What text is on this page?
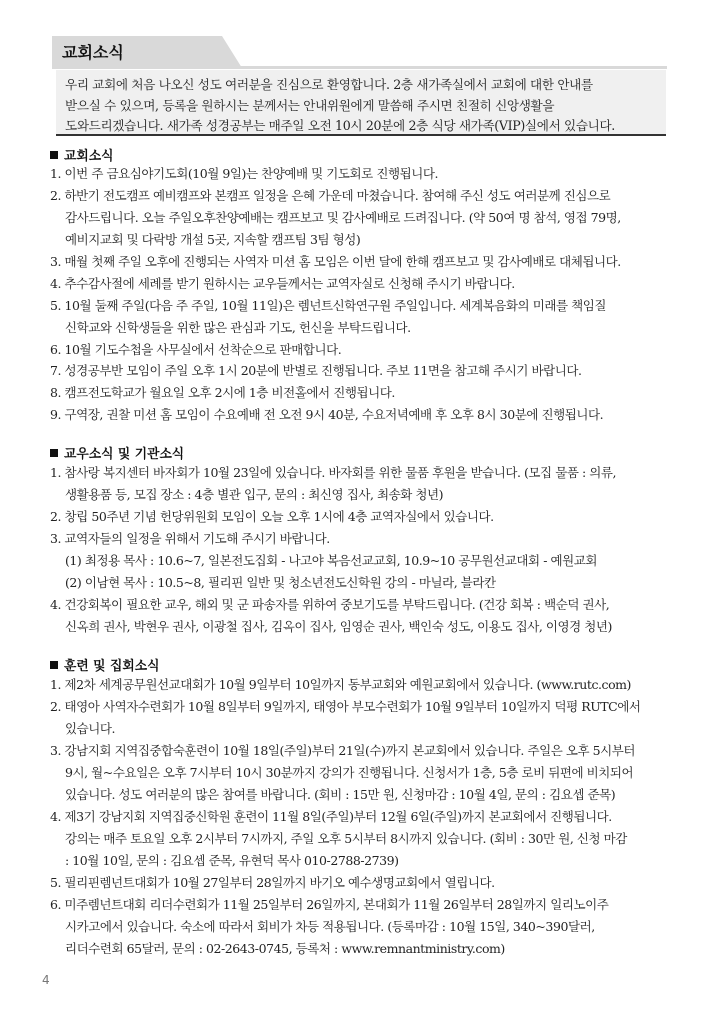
교회소식
우리 교회에 처음 나오신 성도 여러분을 진심으로 환영합니다. 2층 새가족실에서 교회에 대한 안내를
받으실 수 있으며, 등록을 원하시는 분께서는 안내위원에게 말씀해 주시면 친절히 신앙생활을
도와드리겠습니다. 새가족 성경공부는 매주일 오전 10시 20분에 2층 식당 새가족(VIP)실에서 있습니다.
교회소식
1. 이번 주 금요심야기도회(10월 9일)는 찬양예배 및 기도회로 진행됩니다.
2. 하반기 전도캠프 예비캠프와 본캠프 일정을 은혜 가운데 마쳤습니다. 참여해 주신 성도 여러분께 진심으로
감사드립니다. 오늘 주일오후찬양예배는 캠프보고 및 감사예배로 드려집니다. (약 50여 명 참석, 영접 79명,
예비지교회 및 다락방 개설 5곳, 지속할 캠프팀 3팀 형성)
3. 매월 첫째 주일 오후에 진행되는 사역자 미션 홈 모임은 이번 달에 한해 캠프보고 및 감사예배로 대체됩니다.
4. 추수감사절에 세례를 받기 원하시는 교우들께서는 교역자실로 신청해 주시기 바랍니다.
5. 10월 둘째 주일(다음 주 주일, 10월 11일)은 렘넌트신학연구원 주일입니다. 세계복음화의 미래를 책임질
신학교와 신학생들을 위한 많은 관심과 기도, 헌신을 부탁드립니다.
6. 10월 기도수첩을 사무실에서 선착순으로 판매합니다.
7. 성경공부반 모임이 주일 오후 1시 20분에 반별로 진행됩니다. 주보 11면을 참고해 주시기 바랍니다.
8. 캠프전도학교가 월요일 오후 2시에 1층 비전홀에서 진행됩니다.
9. 구역장, 권찰 미션 홈 모임이 수요예배 전 오전 9시 40분, 수요저녁예배 후 오후 8시 30분에 진행됩니다.
교우소식 및 기관소식
1. 참사랑 복지센터 바자회가 10월 23일에 있습니다. 바자회를 위한 물품 후원을 받습니다. (모집 물품 : 의류,
생활용품 등, 모집 장소 : 4층 별관 입구, 문의 : 최신영 집사, 최송화 청년)
2. 창립 50주년 기념 헌당위원회 모임이 오늘 오후 1시에 4층 교역자실에서 있습니다.
3. 교역자들의 일정을 위해서 기도해 주시기 바랍니다.
(1) 최정용 목사 : 10.6~7, 일본전도집회 - 나고야 복음선교교회, 10.9~10 공무원선교대회 - 예원교회
(2) 이남현 목사 : 10.5~8, 필리핀 일반 및 청소년전도신학원 강의 - 마닐라, 블라칸
4. 건강회복이 필요한 교우, 해외 및 군 파송자를 위하여 중보기도를 부탁드립니다. (건강 회복 : 백순덕 권사,
신옥희 권사, 박현우 권사, 이광철 집사, 김옥이 집사, 임영순 권사, 백인숙 성도, 이용도 집사, 이영경 청년)
훈련 및 집회소식
1. 제2차 세계공무원선교대회가 10월 9일부터 10일까지 동부교회와 예원교회에서 있습니다. (www.rutc.com)
2. 태영아 사역자수련회가 10월 8일부터 9일까지, 태영아 부모수련회가 10월 9일부터 10일까지 덕평 RUTC에서
있습니다.
3. 강남지회 지역집중합숙훈련이 10월 18일(주일)부터 21일(수)까지 본교회에서 있습니다. 주일은 오후 5시부터
9시, 월~수요일은 오후 7시부터 10시 30분까지 강의가 진행됩니다. 신청서가 1층, 5층 로비 뒤편에 비치되어
있습니다. 성도 여러분의 많은 참여를 바랍니다. (회비 : 15만 원, 신청마감 : 10월 4일, 문의 : 김요셉 준목)
4. 제3기 강남지회 지역집중신학원 훈련이 11월 8일(주일)부터 12월 6일(주일)까지 본교회에서 진행됩니다.
강의는 매주 토요일 오후 2시부터 7시까지, 주일 오후 5시부터 8시까지 있습니다. (회비 : 30만 원, 신청 마감
: 10월 10일, 문의 : 김요셉 준목, 유현덕 목사 010-2788-2739)
5. 필리핀렘넌트대회가 10월 27일부터 28일까지 바기오 예수생명교회에서 열립니다.
6. 미주렘넌트대회 리더수련회가 11월 25일부터 26일까지, 본대회가 11월 26일부터 28일까지 일리노이주
시카고에서 있습니다. 숙소에 따라서 회비가 차등 적용됩니다. (등록마감 : 10월 15일, 340~390달러,
리더수련회 65달러, 문의 : 02-2643-0745, 등록처 : www.remnantministry.com)
4
